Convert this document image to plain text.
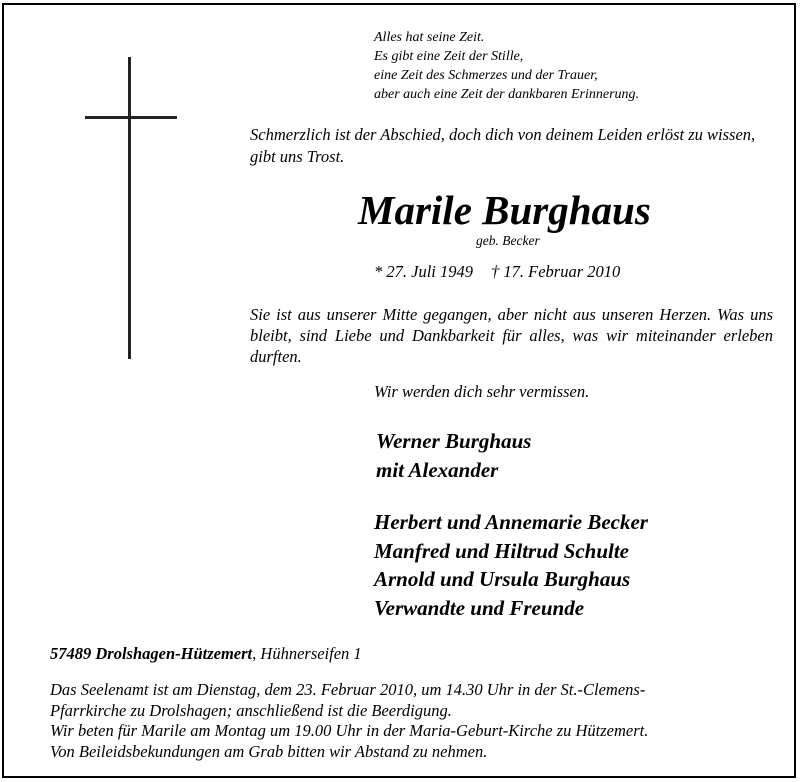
Alles hat seine Zeit.
Es gibt eine Zeit der Stille,
eine Zeit des Schmerzes und der Trauer,
aber auch eine Zeit der dankbaren Erinnerung.
Schmerzlich ist der Abschied, doch dich von deinem Leiden erlöst zu wissen, gibt uns Trost.
Marile Burghaus
geb. Becker
* 27. Juli 1949 † 17. Februar 2010
Sie ist aus unserer Mitte gegangen, aber nicht aus unseren Herzen. Was uns bleibt, sind Liebe und Dankbarkeit für alles, was wir miteinander erleben durften.
Wir werden dich sehr vermissen.
Werner Burghaus
mit Alexander
Herbert und Annemarie Becker
Manfred und Hiltrud Schulte
Arnold und Ursula Burghaus
Verwandte und Freunde
57489 Drolshagen-Hützemert, Hühnerseifen 1
Das Seelenamt ist am Dienstag, dem 23. Februar 2010, um 14.30 Uhr in der St.-Clemens-
Pfarrkirche zu Drolshagen; anschließend ist die Beerdigung.
Wir beten für Marile am Montag um 19.00 Uhr in der Maria-Geburt-Kirche zu Hützemert.
Von Beileidsbekundungen am Grab bitten wir Abstand zu nehmen.
